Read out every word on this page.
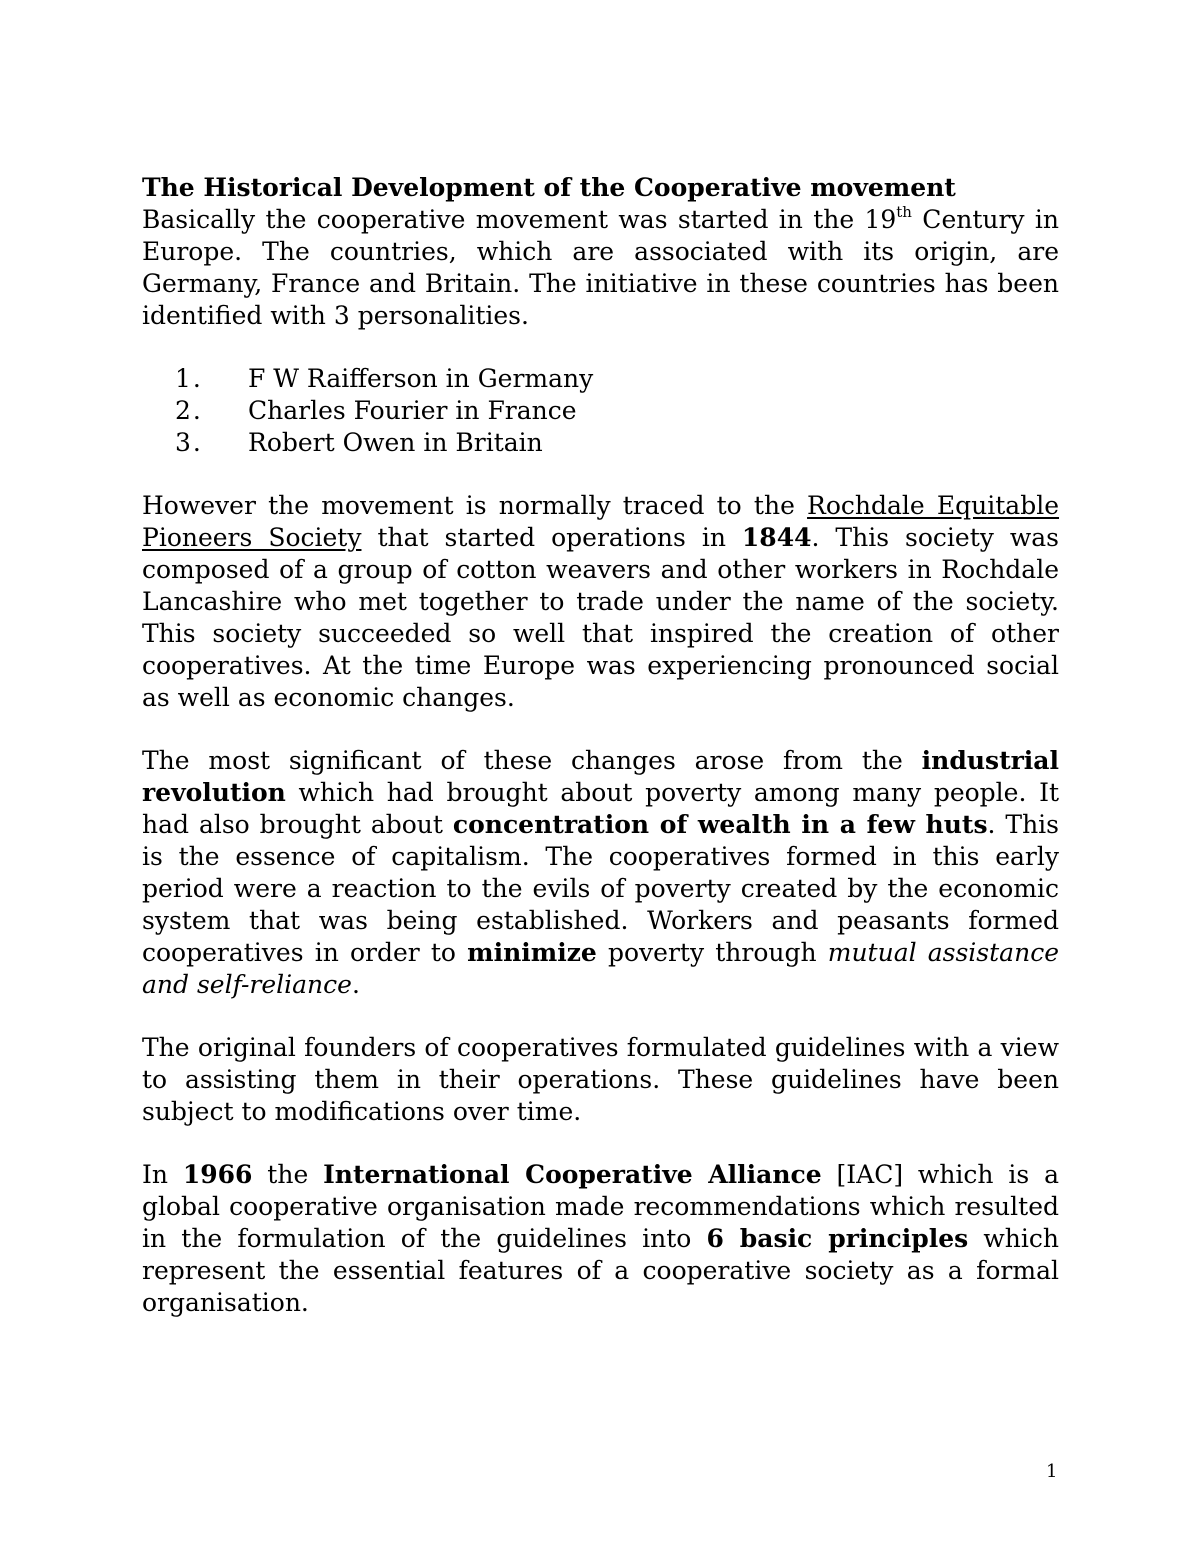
The Historical Development of the Cooperative movement

Basically the cooperative movement was started in the 19th Century in Europe. The countries, which are associated with its origin, are Germany, France and Britain. The initiative in these countries has been identified with 3 personalities.

1. F W Raifferson in Germany
2. Charles Fourier in France
3. Robert Owen in Britain

However the movement is normally traced to the Rochdale Equitable Pioneers Society that started operations in 1844. This society was composed of a group of cotton weavers and other workers in Rochdale Lancashire who met together to trade under the name of the society. This society succeeded so well that inspired the creation of other cooperatives. At the time Europe was experiencing pronounced social as well as economic changes.

The most significant of these changes arose from the industrial revolution which had brought about poverty among many people. It had also brought about concentration of wealth in a few huts. This is the essence of capitalism. The cooperatives formed in this early period were a reaction to the evils of poverty created by the economic system that was being established. Workers and peasants formed cooperatives in order to minimize poverty through mutual assistance and self-reliance.

The original founders of cooperatives formulated guidelines with a view to assisting them in their operations. These guidelines have been subject to modifications over time.

In 1966 the International Cooperative Alliance [IAC] which is a global cooperative organisation made recommendations which resulted in the formulation of the guidelines into 6 basic principles which represent the essential features of a cooperative society as a formal organisation.

1
